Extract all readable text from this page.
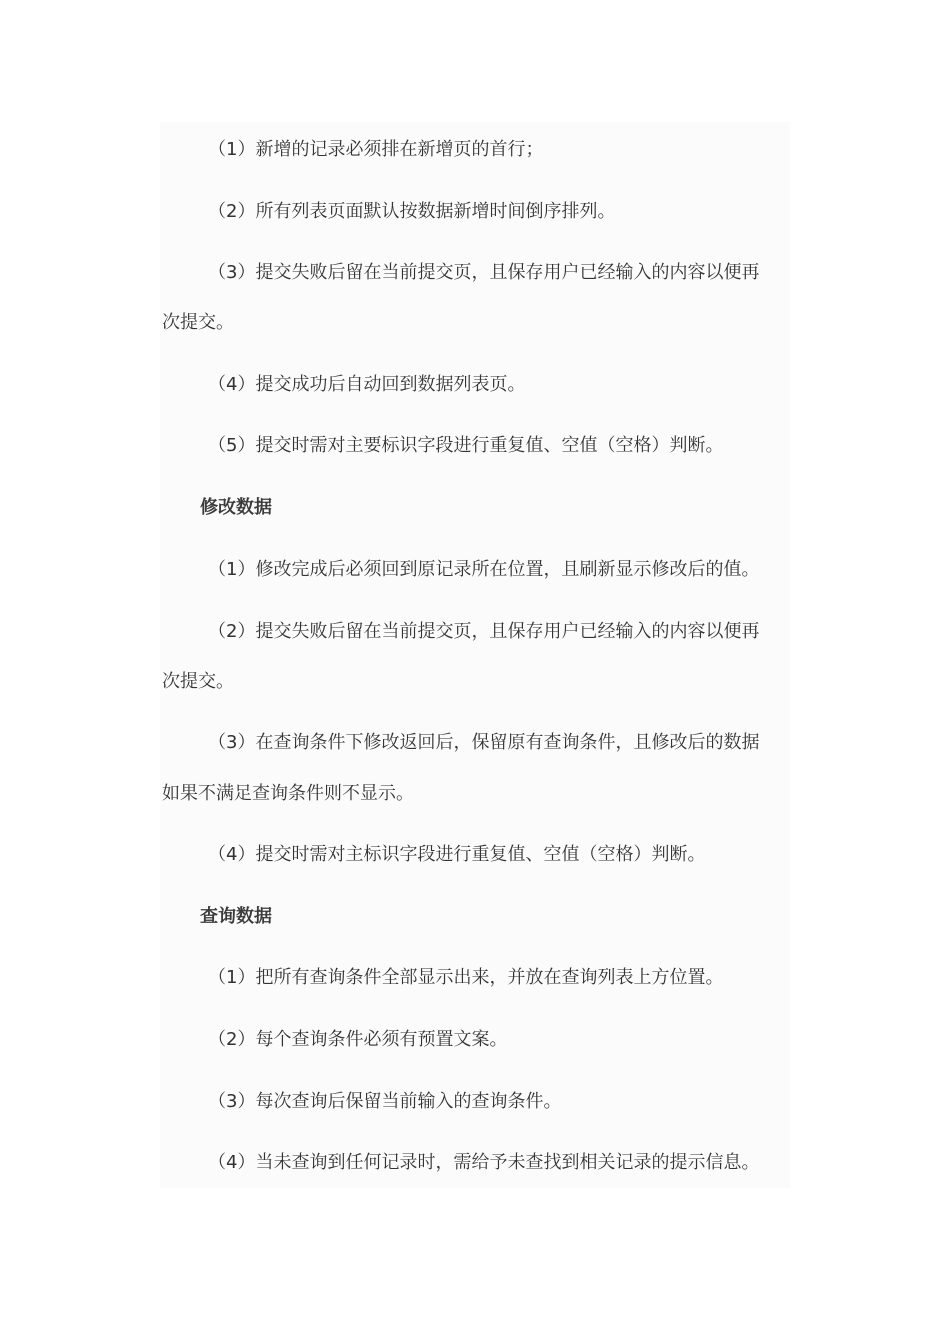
（1）新增的记录必须排在新增页的首行；
（2）所有列表页面默认按数据新增时间倒序排列。
（3）提交失败后留在当前提交页，且保存用户已经输入的内容以便再
次提交。
（4）提交成功后自动回到数据列表页。
（5）提交时需对主要标识字段进行重复值、空值（空格）判断。
修改数据
（1）修改完成后必须回到原记录所在位置，且刷新显示修改后的值。
（2）提交失败后留在当前提交页，且保存用户已经输入的内容以便再
次提交。
（3）在查询条件下修改返回后，保留原有查询条件，且修改后的数据
如果不满足查询条件则不显示。
（4）提交时需对主标识字段进行重复值、空值（空格）判断。
查询数据
（1）把所有查询条件全部显示出来，并放在查询列表上方位置。
（2）每个查询条件必须有预置文案。
（3）每次查询后保留当前输入的查询条件。
（4）当未查询到任何记录时，需给予未查找到相关记录的提示信息。
